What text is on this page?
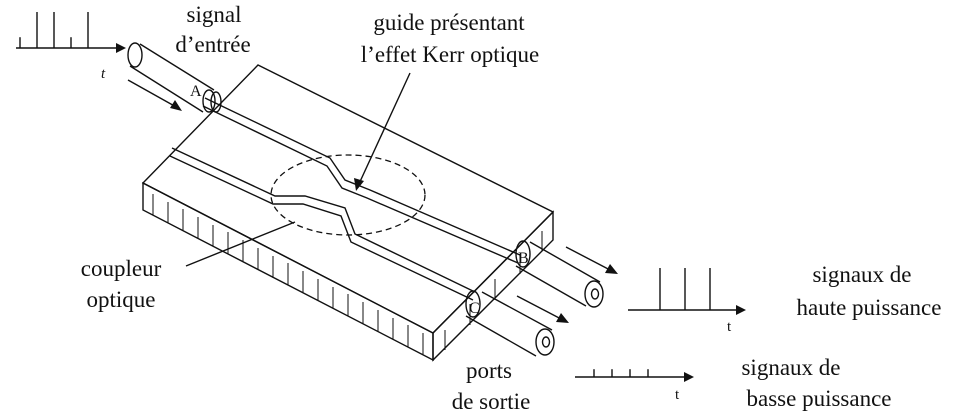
A
B
C
t
t
t
signal
d’entrée
guide présentant
l’effet Kerr optique
coupleur
optique
ports
de sortie
signaux de
haute puissance
signaux de
basse puissance
